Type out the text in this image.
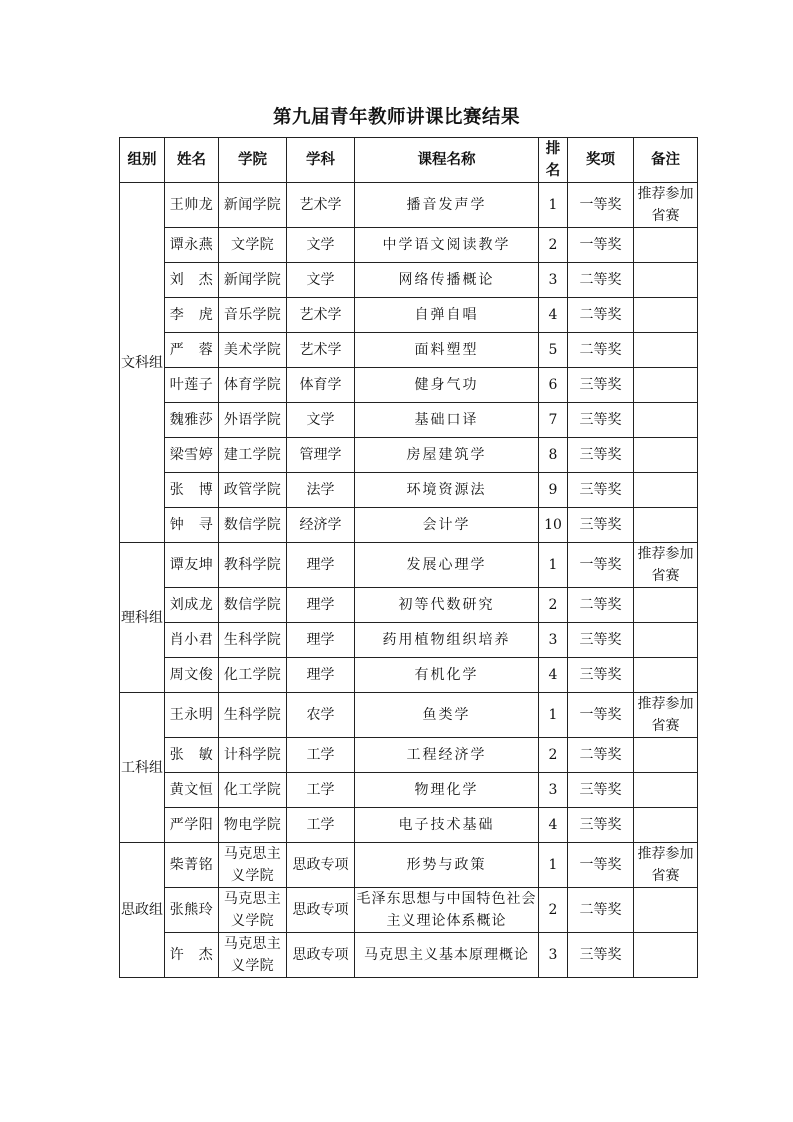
第九届青年教师讲课比赛结果
组别	姓名	学院	学科	课程名称	排名	奖项	备注
文科组	王帅龙	新闻学院	艺术学	播音发声学	1	一等奖	推荐参加省赛
	谭永燕	文学院	文学	中学语文阅读教学	2	一等奖	
	刘　杰	新闻学院	文学	网络传播概论	3	二等奖	
	李　虎	音乐学院	艺术学	自弹自唱	4	二等奖	
	严　蓉	美术学院	艺术学	面料塑型	5	二等奖	
	叶莲子	体育学院	体育学	健身气功	6	三等奖	
	魏雅莎	外语学院	文学	基础口译	7	三等奖	
	梁雪婷	建工学院	管理学	房屋建筑学	8	三等奖	
	张　博	政管学院	法学	环境资源法	9	三等奖	
	钟　寻	数信学院	经济学	会计学	10	三等奖	
理科组	谭友坤	教科学院	理学	发展心理学	1	一等奖	推荐参加省赛
	刘成龙	数信学院	理学	初等代数研究	2	二等奖	
	肖小君	生科学院	理学	药用植物组织培养	3	三等奖	
	周文俊	化工学院	理学	有机化学	4	三等奖	
工科组	王永明	生科学院	农学	鱼类学	1	一等奖	推荐参加省赛
	张　敏	计科学院	工学	工程经济学	2	二等奖	
	黄文恒	化工学院	工学	物理化学	3	三等奖	
	严学阳	物电学院	工学	电子技术基础	4	三等奖	
思政组	柴菁铭	马克思主义学院	思政专项	形势与政策	1	一等奖	推荐参加省赛
	张熊玲	马克思主义学院	思政专项	毛泽东思想与中国特色社会主义理论体系概论	2	二等奖	
	许　杰	马克思主义学院	思政专项	马克思主义基本原理概论	3	三等奖	
